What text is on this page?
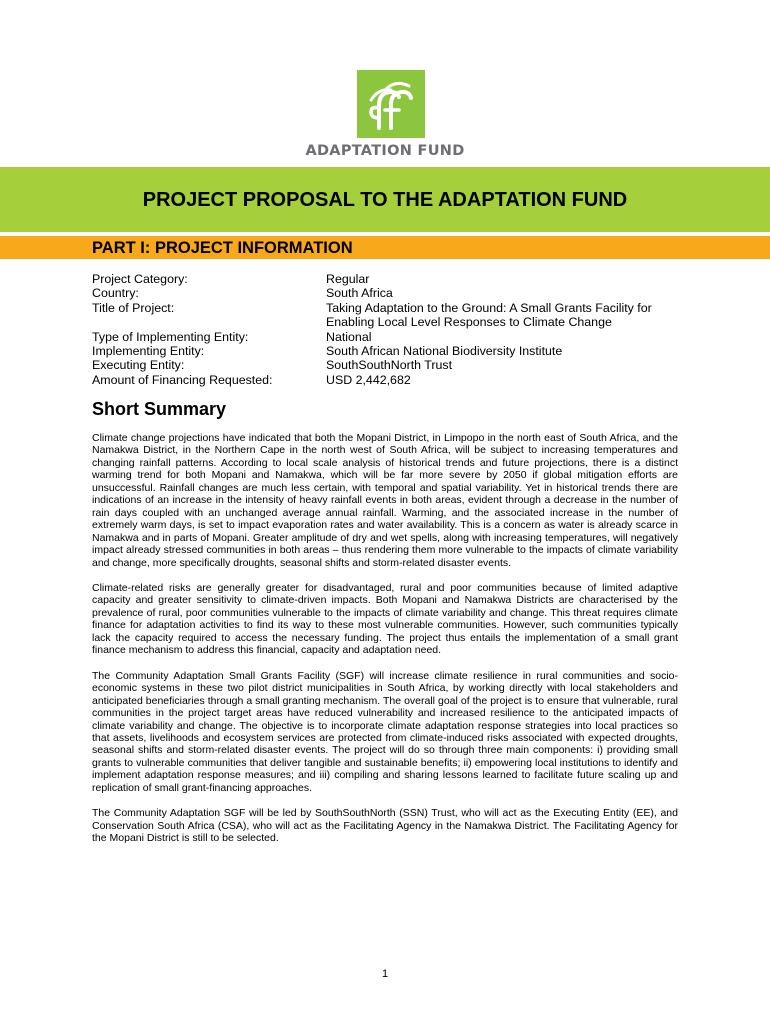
ADAPTATION FUND
PROJECT PROPOSAL TO THE ADAPTATION FUND
PART I: PROJECT INFORMATION
Project Category:	Regular
Country:	South Africa
Title of Project:	Taking Adaptation to the Ground: A Small Grants Facility for
Enabling Local Level Responses to Climate Change
Type of Implementing Entity:	National
Implementing Entity:	South African National Biodiversity Institute
Executing Entity:	SouthSouthNorth Trust
Amount of Financing Requested:	USD 2,442,682
Short Summary

Climate change projections have indicated that both the Mopani District, in Limpopo in the north east of South Africa, and the Namakwa District, in the Northern Cape in the north west of South Africa, will be subject to increasing temperatures and changing rainfall patterns. According to local scale analysis of historical trends and future projections, there is a distinct warming trend for both Mopani and Namakwa, which will be far more severe by 2050 if global mitigation efforts are unsuccessful. Rainfall changes are much less certain, with temporal and spatial variability. Yet in historical trends there are indications of an increase in the intensity of heavy rainfall events in both areas, evident through a decrease in the number of rain days coupled with an unchanged average annual rainfall. Warming, and the associated increase in the number of extremely warm days, is set to impact evaporation rates and water availability. This is a concern as water is already scarce in Namakwa and in parts of Mopani. Greater amplitude of dry and wet spells, along with increasing temperatures, will negatively impact already stressed communities in both areas – thus rendering them more vulnerable to the impacts of climate variability and change, more specifically droughts, seasonal shifts and storm-related disaster events.

Climate-related risks are generally greater for disadvantaged, rural and poor communities because of limited adaptive capacity and greater sensitivity to climate-driven impacts. Both Mopani and Namakwa Districts are characterised by the prevalence of rural, poor communities vulnerable to the impacts of climate variability and change. This threat requires climate finance for adaptation activities to find its way to these most vulnerable communities. However, such communities typically lack the capacity required to access the necessary funding. The project thus entails the implementation of a small grant finance mechanism to address this financial, capacity and adaptation need.

The Community Adaptation Small Grants Facility (SGF) will increase climate resilience in rural communities and socio-economic systems in these two pilot district municipalities in South Africa, by working directly with local stakeholders and anticipated beneficiaries through a small granting mechanism. The overall goal of the project is to ensure that vulnerable, rural communities in the project target areas have reduced vulnerability and increased resilience to the anticipated impacts of climate variability and change. The objective is to incorporate climate adaptation response strategies into local practices so that assets, livelihoods and ecosystem services are protected from climate-induced risks associated with expected droughts, seasonal shifts and storm-related disaster events. The project will do so through three main components: i) providing small grants to vulnerable communities that deliver tangible and sustainable benefits; ii) empowering local institutions to identify and implement adaptation response measures; and iii) compiling and sharing lessons learned to facilitate future scaling up and replication of small grant-financing approaches.

The Community Adaptation SGF will be led by SouthSouthNorth (SSN) Trust, who will act as the Executing Entity (EE), and Conservation South Africa (CSA), who will act as the Facilitating Agency in the Namakwa District. The Facilitating Agency for the Mopani District is still to be selected.

1
